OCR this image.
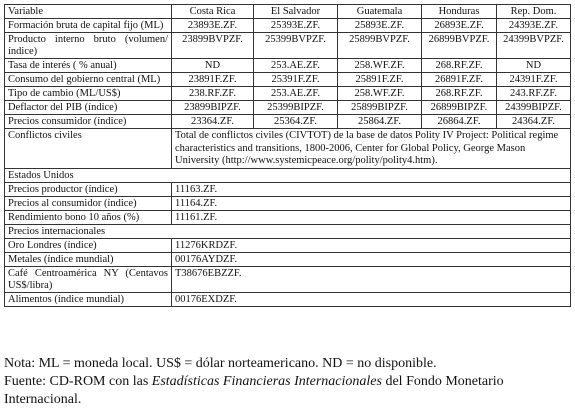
Variable	Costa Rica	El Salvador	Guatemala	Honduras	Rep. Dom.
Formación bruta de capital fijo (ML)	23893E.ZF.	25393E.ZF.	25893E.ZF.	26893E.ZF.	24393E.ZF.
Producto interno bruto (volumen/índice)	23899BVPZF.	25399BVPZF.	25899BVPZF.	26899BVPZF.	24399BVPZF.
Tasa de interés ( % anual)	ND	253.AE.ZF.	258.WF.ZF.	268.RF.ZF.	ND
Consumo del gobierno central (ML)	23891F.ZF.	25391F.ZF.	25891F.ZF.	26891F.ZF.	24391F.ZF.
Tipo de cambio (ML/US$)	238.RF.ZF.	253.AE.ZF.	258.WF.ZF.	268.RF.ZF.	243.RF.ZF.
Deflactor del PIB (índice)	23899BIPZF.	25399BIPZF.	25899BIPZF.	26899BIPZF.	24399BIPZF.
Precios consumidor (índice)	23364.ZF.	25364.ZF.	25864.ZF.	26864.ZF.	24364.ZF.
Conflictos civiles	Total de conflictos civiles (CIVTOT) de la base de datos Polity IV Project: Political regime characteristics and transitions, 1800-2006, Center for Global Policy, George Mason University (http://www.systemicpeace.org/polity/polity4.htm).				
Estados Unidos					
Precios productor (índice)	11163.ZF.				
Precios al consumidor (índice)	11164.ZF.				
Rendimiento bono 10 años (%)	11161.ZF.				
Precios internacionales					
Oro Londres (índice)	11276KRDZF.				
Metales (índice mundial)	00176AYDZF.				
Café Centroamérica NY (Centavos US$/libra)	T38676EBZZF.				
Alimentos (índice mundial)	00176EXDZF.				

Nota: ML = moneda local. US$ = dólar norteamericano. ND = no disponible.

Fuente: CD-ROM con las Estadísticas Financieras Internacionales del Fondo Monetario Internacional.
